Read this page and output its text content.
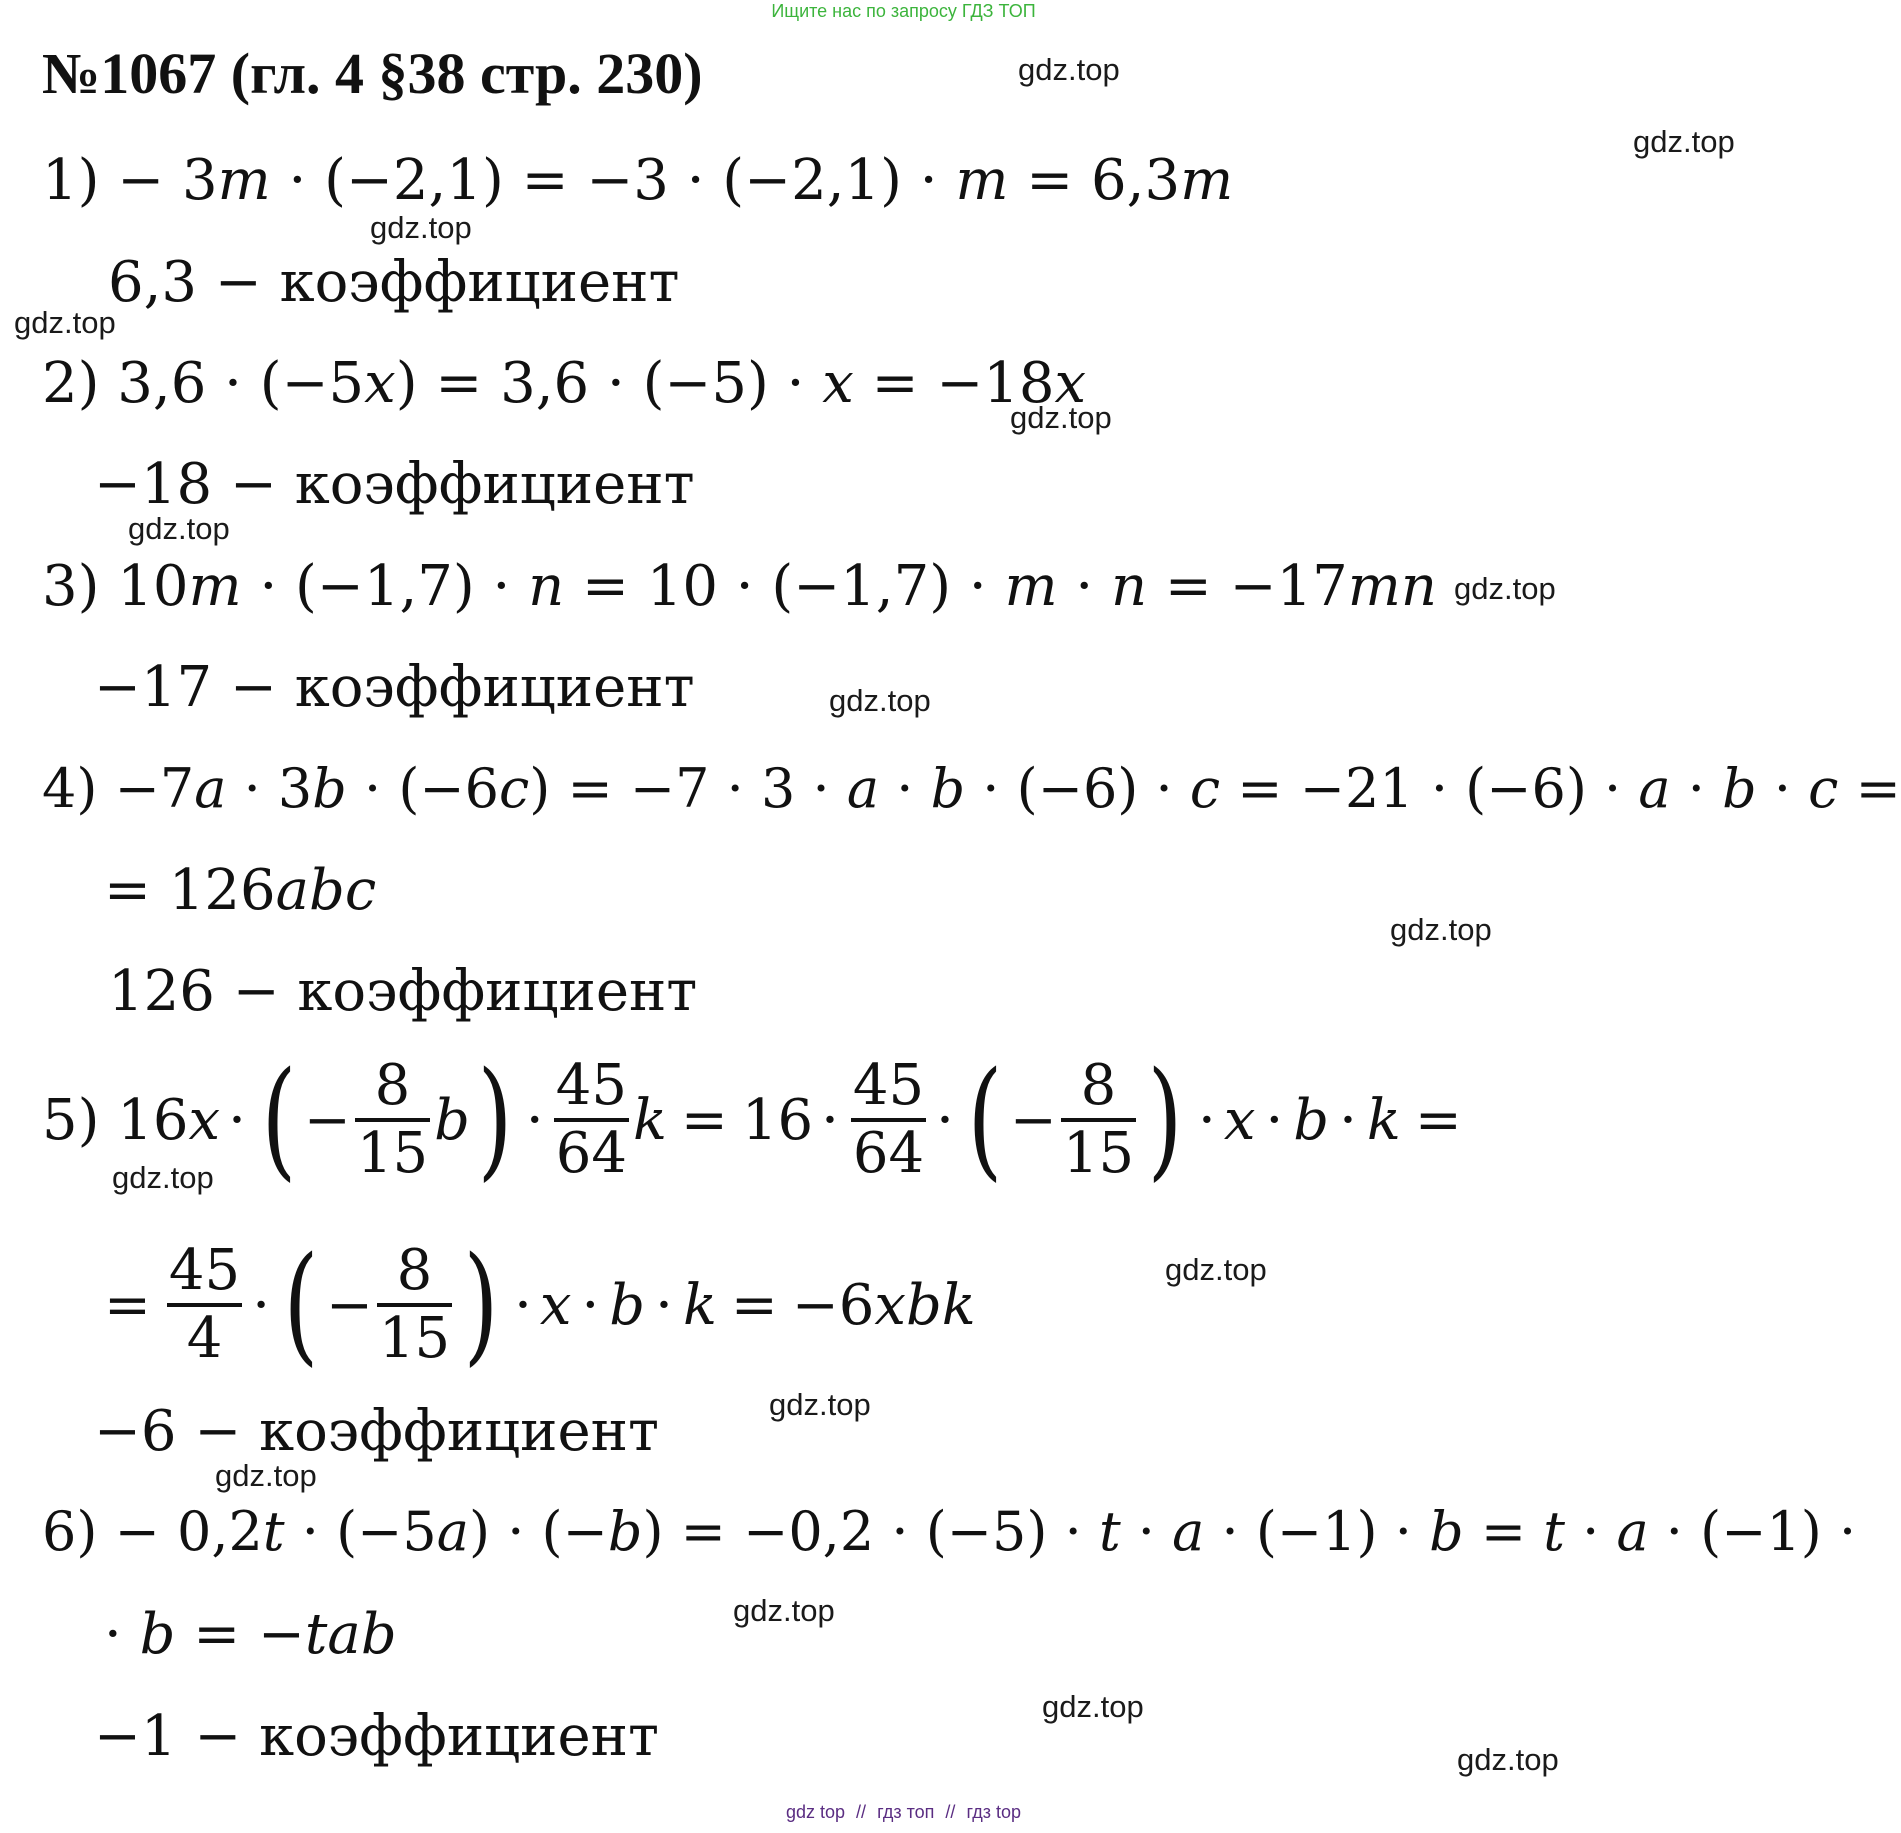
Ищите нас по запросу ГДЗ ТОП
№1067 (гл. 4 §38 стр. 230)	gdz.top
gdz.top
gdz.top
gdz.top
gdz.top
gdz.top
gdz.top
gdz.top
gdz.top
gdz.top
gdz.top
gdz.top
gdz.top
gdz.top
gdz.top
gdz.top
1) − 3m · (−2,1) = −3 · (−2,1) · m = 6,3m
6,3 − коэффициент
2) 3,6 · (−5x) = 3,6 · (−5) · x = −18x
−18 − коэффициент
3) 10m · (−1,7) · n = 10 · (−1,7) · m · n = −17mn
−17 − коэффициент
4) −7a · 3b · (−6c) = −7 · 3 · a · b · (−6) · c = −21 · (−6) · a · b · c =
= 126abc
126 − коэффициент
5) 16 x · ( − $\frac{8}{15}$ b ) · $\frac{45}{64}$ $k = 16 \cdot \frac{45}{64}$ · ( − $\frac{8}{15}$ ) · x · b · k =
= $\frac{45}{4}$ · ( − $\frac{8}{15}$ ) · x · b · k = −6 xbk
−6 − коэффициент
6) − 0,2t · (−5a) · (−b) = −0,2 · (−5) · t · a · (−1) · b = t · a · (−1) ·
· b = −tab
−1 − коэффициент
gdz top // гдз топ // гдз top
